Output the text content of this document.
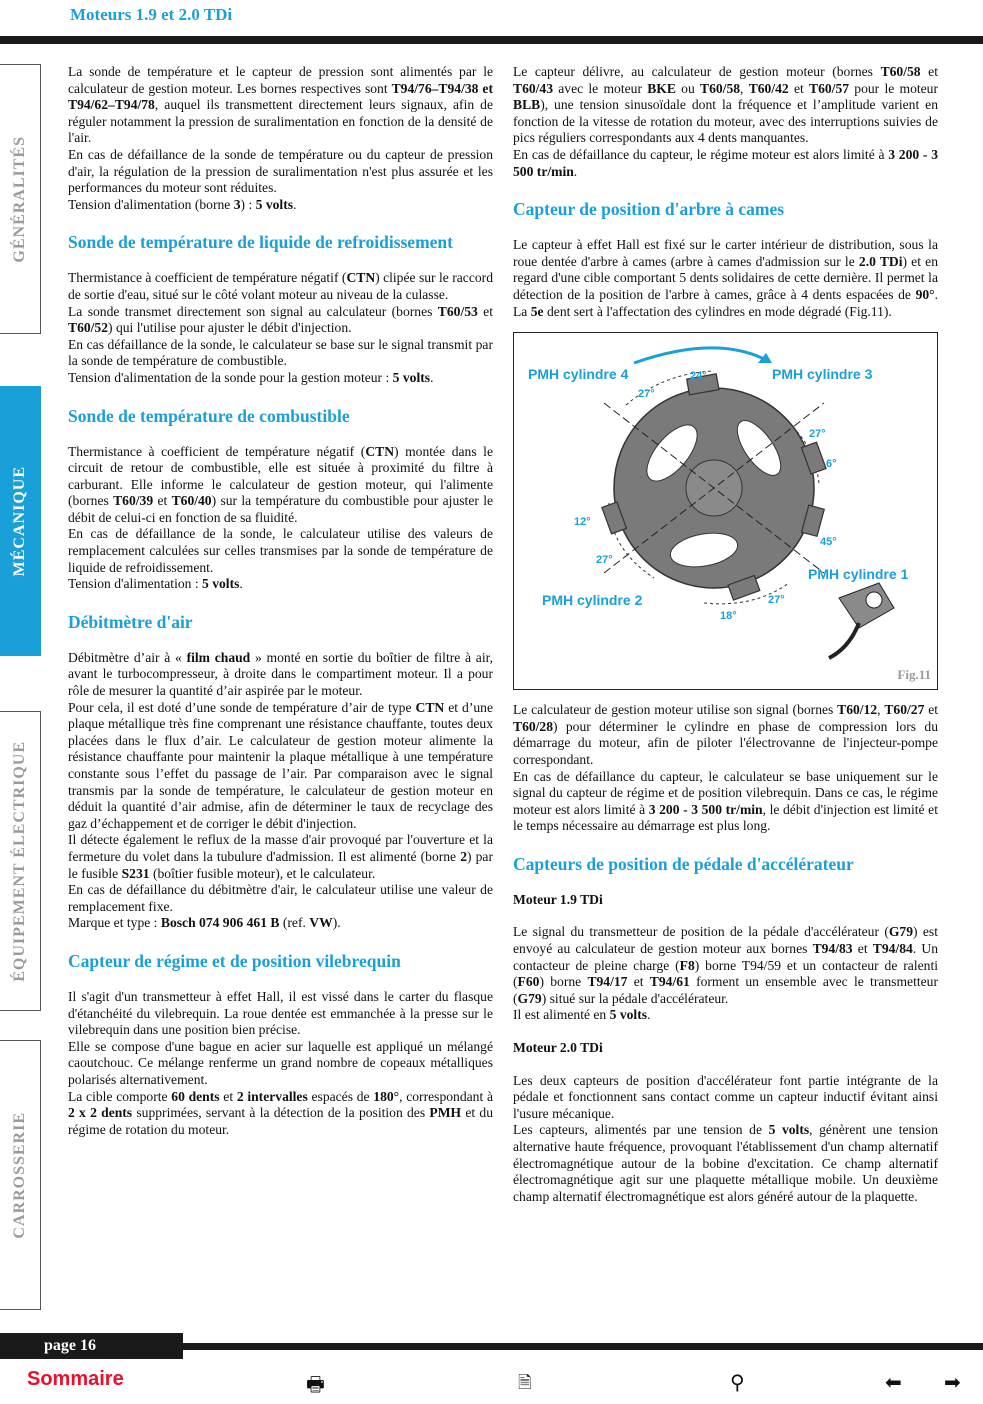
Moteurs 1.9 et 2.0 TDi
GÉNÉRALITÉS
MÉCANIQUE
ÉQUIPEMENT ÉLECTRIQUE
CARROSSERIE

La sonde de température et le capteur de pression sont alimentés par le calculateur de gestion moteur. Les bornes respectives sont T94/76–T94/38 et T94/62–T94/78, auquel ils transmettent directement leurs signaux, afin de réguler notamment la pression de suralimentation en fonction de la densité de l'air.

En cas de défaillance de la sonde de température ou du capteur de pression d'air, la régulation de la pression de suralimentation n'est plus assurée et les performances du moteur sont réduites.

Tension d'alimentation (borne 3) : 5 volts.

Sonde de température de liquide de refroidissement

Thermistance à coefficient de température négatif (CTN) clipée sur le raccord de sortie d'eau, situé sur le côté volant moteur au niveau de la culasse.

La sonde transmet directement son signal au calculateur (bornes T60/53 et T60/52) qui l'utilise pour ajuster le débit d'injection.

En cas défaillance de la sonde, le calculateur se base sur le signal transmit par la sonde de température de combustible.

Tension d'alimentation de la sonde pour la gestion moteur : 5 volts.

Sonde de température de combustible

Thermistance à coefficient de température négatif (CTN) montée dans le circuit de retour de combustible, elle est située à proximité du filtre à carburant. Elle informe le calculateur de gestion moteur, qui l'alimente (bornes T60/39 et T60/40) sur la température du combustible pour ajuster le débit de celui-ci en fonction de sa fluidité.

En cas de défaillance de la sonde, le calculateur utilise des valeurs de remplacement calculées sur celles transmises par la sonde de température de liquide de refroidissement.

Tension d'alimentation : 5 volts.

Débitmètre d'air

Débitmètre d’air à « film chaud » monté en sortie du boîtier de filtre à air, avant le turbocompresseur, à droite dans le compartiment moteur. Il a pour rôle de mesurer la quantité d’air aspirée par le moteur.

Pour cela, il est doté d’une sonde de température d’air de type CTN et d’une plaque métallique très fine comprenant une résistance chauffante, toutes deux placées dans le flux d’air. Le calculateur de gestion moteur alimente la résistance chauffante pour maintenir la plaque métallique à une température constante sous l’effet du passage de l’air. Par comparaison avec le signal transmis par la sonde de température, le calculateur de gestion moteur en déduit la quantité d’air admise, afin de déterminer le taux de recyclage des gaz d’échappement et de corriger le débit d'injection.

Il détecte également le reflux de la masse d'air provoqué par l'ouverture et la fermeture du volet dans la tubulure d'admission. Il est alimenté (borne 2) par le fusible S231 (boîtier fusible moteur), et le calculateur.

En cas de défaillance du débitmètre d'air, le calculateur utilise une valeur de remplacement fixe.

Marque et type : Bosch 074 906 461 B (ref. VW).

Capteur de régime et de position vilebrequin

Il s'agit d'un transmetteur à effet Hall, il est vissé dans le carter du flasque d'étanchéité du vilebrequin. La roue dentée est emmanchée à la presse sur le vilebrequin dans une position bien précise.

Elle se compose d'une bague en acier sur laquelle est appliqué un mélangé caoutchouc. Ce mélange renferme un grand nombre de copeaux métalliques polarisés alternativement.

La cible comporte 60 dents et 2 intervalles espacés de 180°, correspondant à 2 x 2 dents supprimées, servant à la détection de la position des PMH et du régime de rotation du moteur.

Le capteur délivre, au calculateur de gestion moteur (bornes T60/58 et T60/43 avec le moteur BKE ou T60/58, T60/42 et T60/57 pour le moteur BLB), une tension sinusoïdale dont la fréquence et l’amplitude varient en fonction de la vitesse de rotation du moteur, avec des interruptions suivies de pics réguliers correspondants aux 4 dents manquantes.

En cas de défaillance du capteur, le régime moteur est alors limité à 3 200 - 3 500 tr/min.

Capteur de position d'arbre à cames

Le capteur à effet Hall est fixé sur le carter intérieur de distribution, sous la roue dentée d'arbre à cames (arbre à cames d'admission sur le 2.0 TDi) et en regard d'une cible comportant 5 dents solidaires de cette dernière. Il permet la détection de la position de l'arbre à cames, grâce à 4 dents espacées de 90°. La 5e dent sert à l'affectation des cylindres en mode dégradé (Fig.11).

PMH cylindre 4	PMH cylindre 3
PMH cylindre 1
PMH cylindre 2
24°
27°
27°
6°
45°
12°
27°
27°
18°
Fig.11

Le calculateur de gestion moteur utilise son signal (bornes T60/12, T60/27 et T60/28) pour déterminer le cylindre en phase de compression lors du démarrage du moteur, afin de piloter l'électrovanne de l'injecteur-pompe correspondant.

En cas de défaillance du capteur, le calculateur se base uniquement sur le signal du capteur de régime et de position vilebrequin. Dans ce cas, le régime moteur est alors limité à 3 200 - 3 500 tr/min, le débit d'injection est limité et le temps nécessaire au démarrage est plus long.

Capteurs de position de pédale d'accélérateur
Moteur 1.9 TDi

Le signal du transmetteur de position de la pédale d'accélérateur (G79) est envoyé au calculateur de gestion moteur aux bornes T94/83 et T94/84. Un contacteur de pleine charge (F8) borne T94/59 et un contacteur de ralenti (F60) borne T94/17 et T94/61 forment un ensemble avec le transmetteur (G79) situé sur la pédale d'accélérateur.

Il est alimenté en 5 volts.

Moteur 2.0 TDi

Les deux capteurs de position d'accélérateur font partie intégrante de la pédale et fonctionnent sans contact comme un capteur inductif évitant ainsi l'usure mécanique.

Les capteurs, alimentés par une tension de 5 volts, génèrent une tension alternative haute fréquence, provoquant l'établissement d'un champ alternatif électromagnétique autour de la bobine d'excitation. Ce champ alternatif électromagnétique agit sur une plaquette métallique mobile. Un deuxième champ alternatif électromagnétique est alors généré autour de la plaquette.

page 16
Sommaire	🖶	🗎	⚲	⬅ ➡
